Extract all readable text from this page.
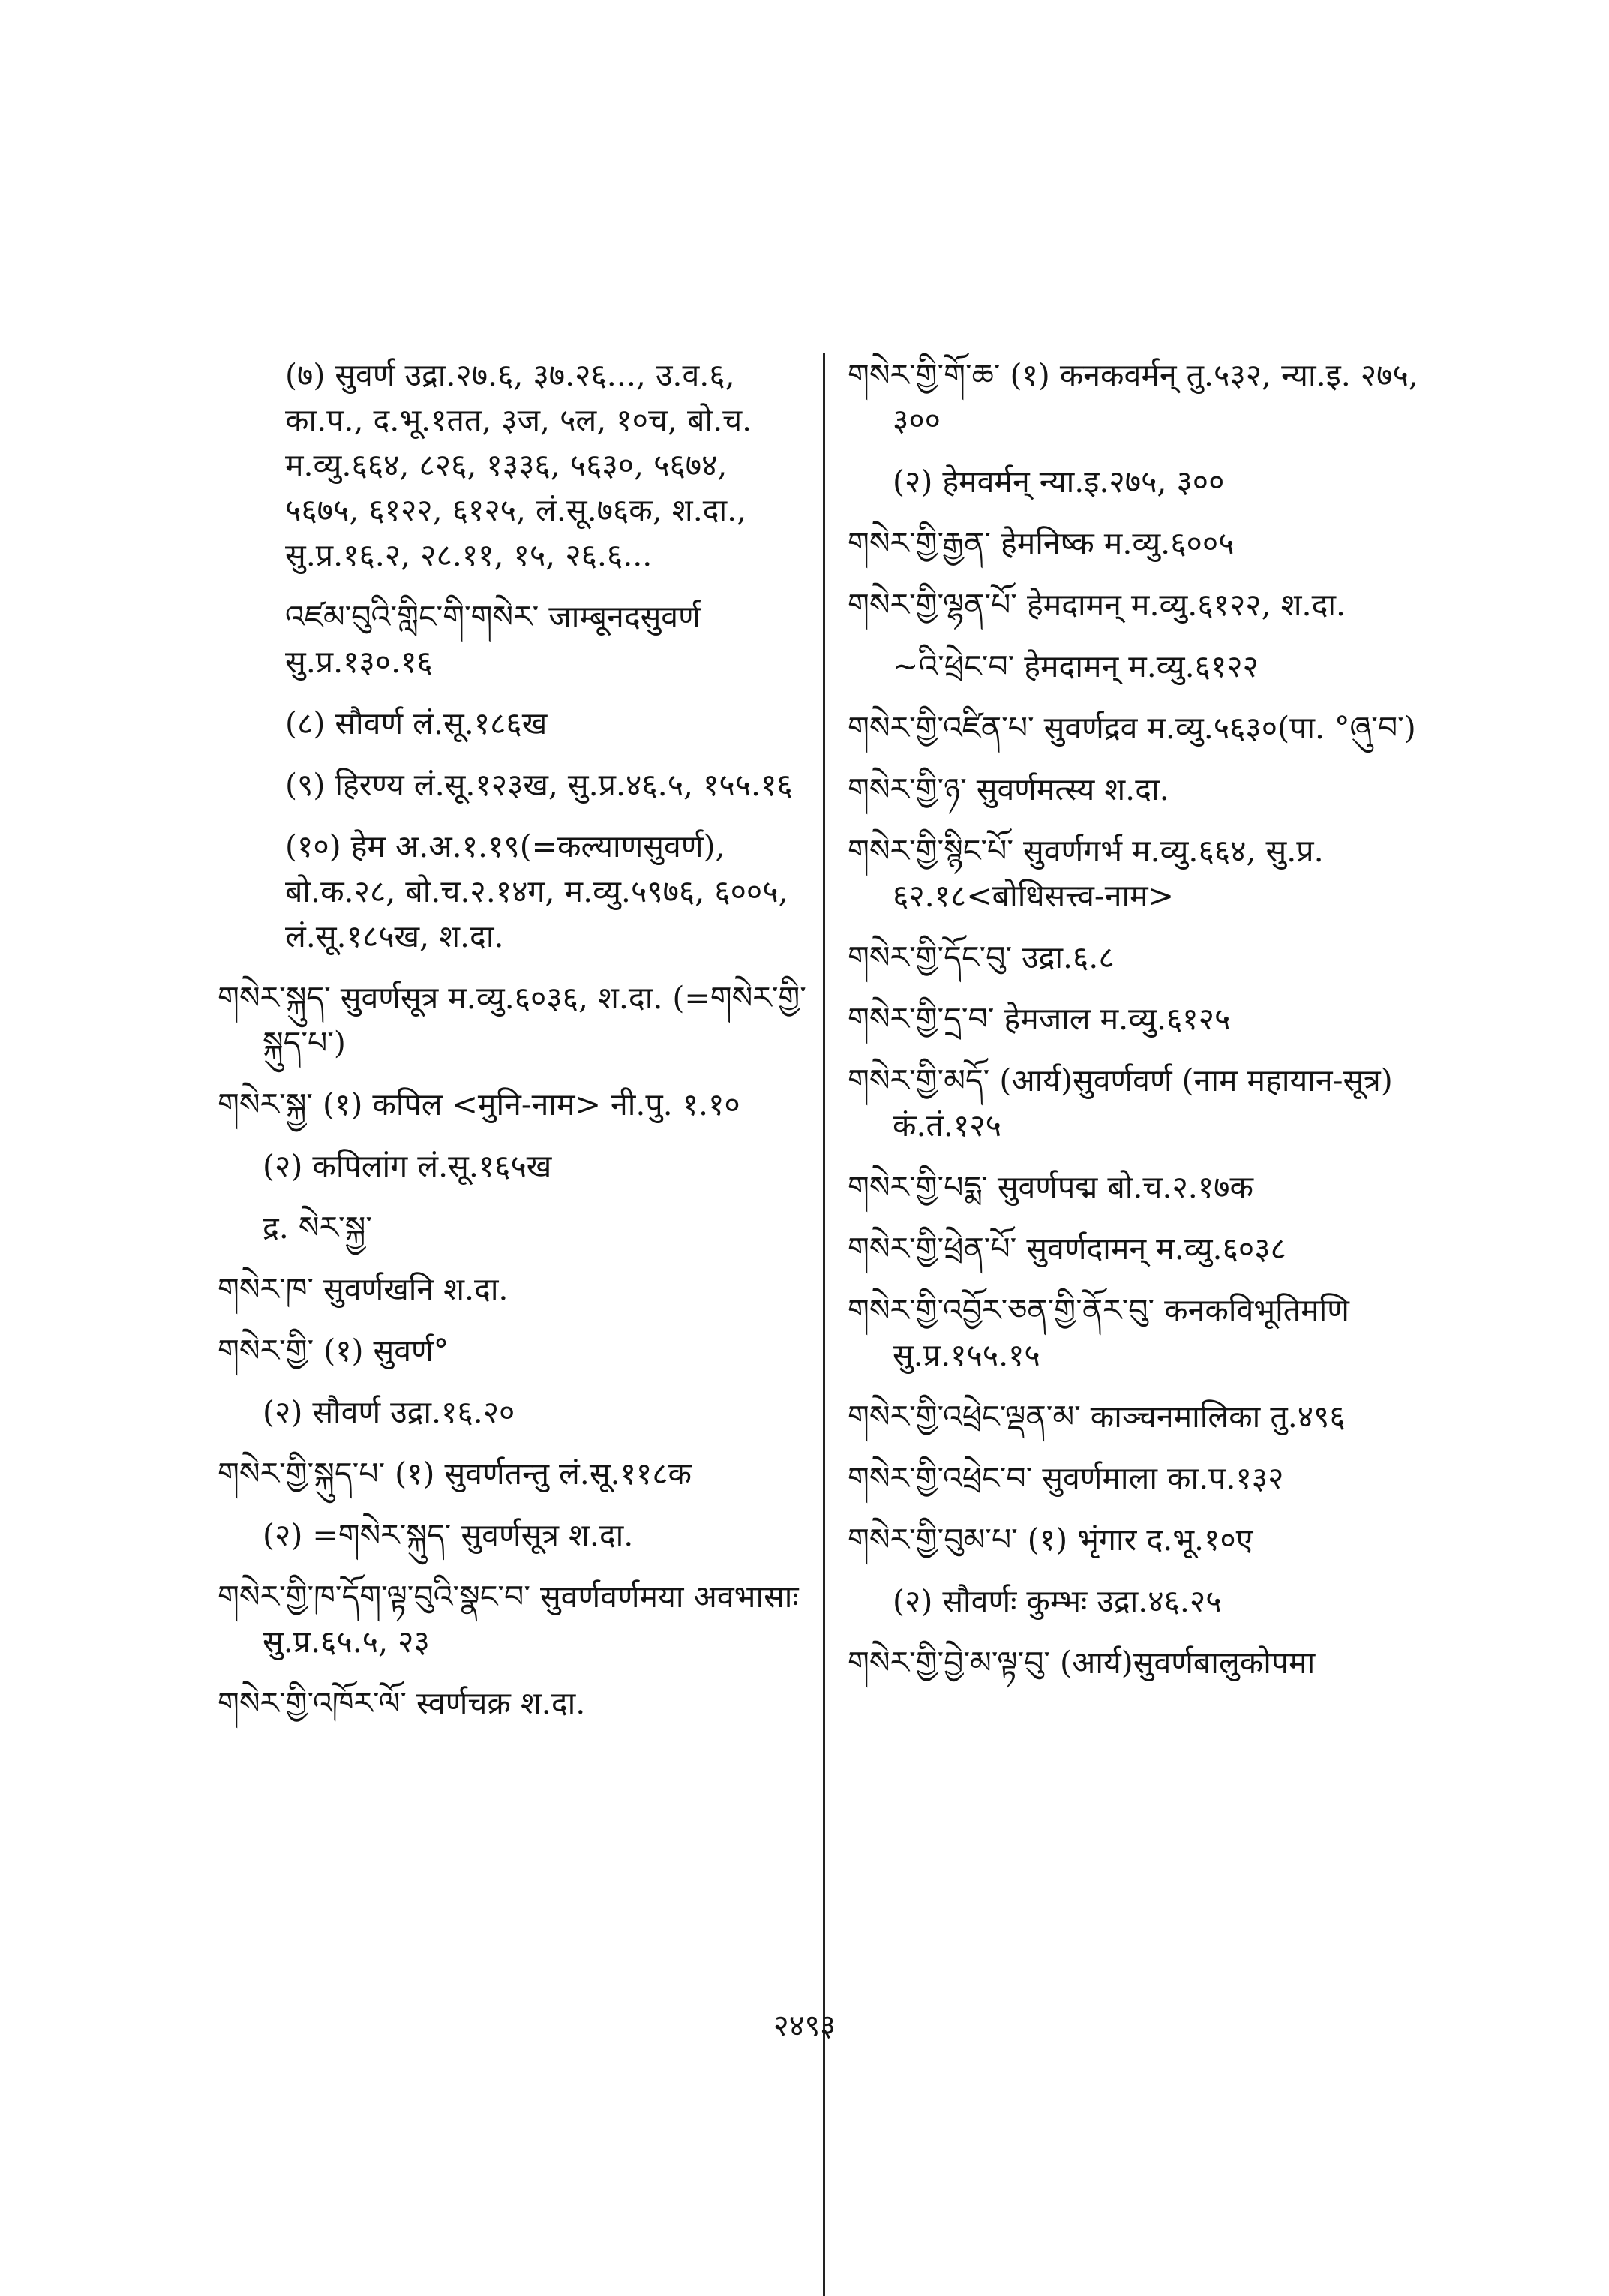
(७) सुवर्ण उद्रा.२७.६, ३७.२६..., उ.व.६, का.प., द.भू.१तत, ३ज, ५ल, १०च, बो.च. म.व्यु.६६४, ८२६, १३३६, ५६३०, ५६७४, ५६७५, ६१२२, ६१२५, लं.सू.७६क, श.दा., सु.प्र.१६.२, २८.११, १५, २६.६...

འཛམ་བུའི་གླིང་གི་གསེར་ जाम्बूनदसुवर्ण सु.प्र.१३०.१६

(८) सौवर्ण लं.सू.१८६ख

(९) हिरण्य लं.सू.१२३ख, सु.प्र.४६.५, १५५.१६

(१०) हेम अ.अ.१.१९(=कल्याणसुवर्ण), बो.क.२८, बो.च.२.१४ग, म.व्यु.५९७६, ६००५, लं.सू.१८५ख, श.दा.

གསེར་སྐུད་ सुवर्णसूत्र म.व्यु.६०३६, श.दा. (=གསེར་གྱི་སྐུད་པ་)

གསེར་སྐྱ་ (१) कपिल <मुनि-नाम> नी.पु. १.१०

(२) कपिलांग लं.सू.१६५ख

द्र. སེར་སྐྱ་

གསེར་ཁ་ सुवर्णखनि श.दा.

གསེར་གྱི་ (१) सुवर्ण°

(२) सौवर्ण उद्रा.१६.२०

གསེར་གྱི་སྐུད་པ་ (१) सुवर्णतन्तु लं.सू.११८क

(२) =གསེར་སྐུད་ सुवर्णसूत्र श.दा.

གསེར་གྱི་ཁ་དོག་ལྟ་བུའི་སྣང་བ་ सुवर्णवर्णमया अवभासाः सु.प्र.६५.५, २३

གསེར་གྱི་འཁོར་ལོ་ स्वर्णचक्र श.दा.

གསེར་གྱི་གོ་ཆ་ (१) कनकवर्मन् तु.५३२, न्या.इ. २७५, ३००

(२) हेमवर्मन् न्या.इ.२७५, ३००

གསེར་གྱི་རྒྱན་ हेमनिष्क म.व्यु.६००५

གསེར་གྱི་ལྷན་པོ་ हेमदामन् म.व्यु.६१२२, श.दा.

~འི་ཕྲེང་བ་ हेमदामन् म.व्यु.६१२२

གསེར་གྱི་འཛིན་པ་ सुवर्णद्रव म.व्यु.५६३०(पा. °ཞུ་བ་)

གསེར་གྱི་ཉ་ सुवर्णमत्स्य श.दा.

གསེར་གྱི་སྙིང་པོ་ सुवर्णगर्भ म.व्यु.६६४, सु.प्र. ६२.१८<बोधिसत्त्व-नाम>

གསེར་གྱི་དོང་བུ་ उद्रा.६.८

གསེར་གྱི་དྲ་བ་ हेमजाल म.व्यु.६१२५

གསེར་གྱི་མདོ་ (आर्य)सुवर्णवर्ण (नाम महायान-सूत्र) कं.तं.१२५

གསེར་གྱི་པདྨ་ सुवर्णपद्म बो.च.२.१७क

གསེར་གྱི་ཕྲེན་པོ་ सुवर्णदामन् म.व्यु.६०३८

གསེར་གྱི་འབྱོར་ཅན་གྱི་ནོར་བུ་ कनकविभूतिमणि सु.प्र.१५५.१५

གསེར་གྱི་འཕྲེང་ལྡན་མ་ काञ्चनमालिका तु.४९६

གསེར་གྱི་འཕྲེང་བ་ सुवर्णमाला का.प.१३२

གསེར་གྱི་བུམ་པ་ (१) भृंगार द.भू.१०ए

(२) सौवर्णः कुम्भः उद्रा.४६.२५

གསེར་གྱི་བྱེ་མ་ལྟ་བུ་ (आर्य)सुवर्णबालुकोपमा

२४९३
